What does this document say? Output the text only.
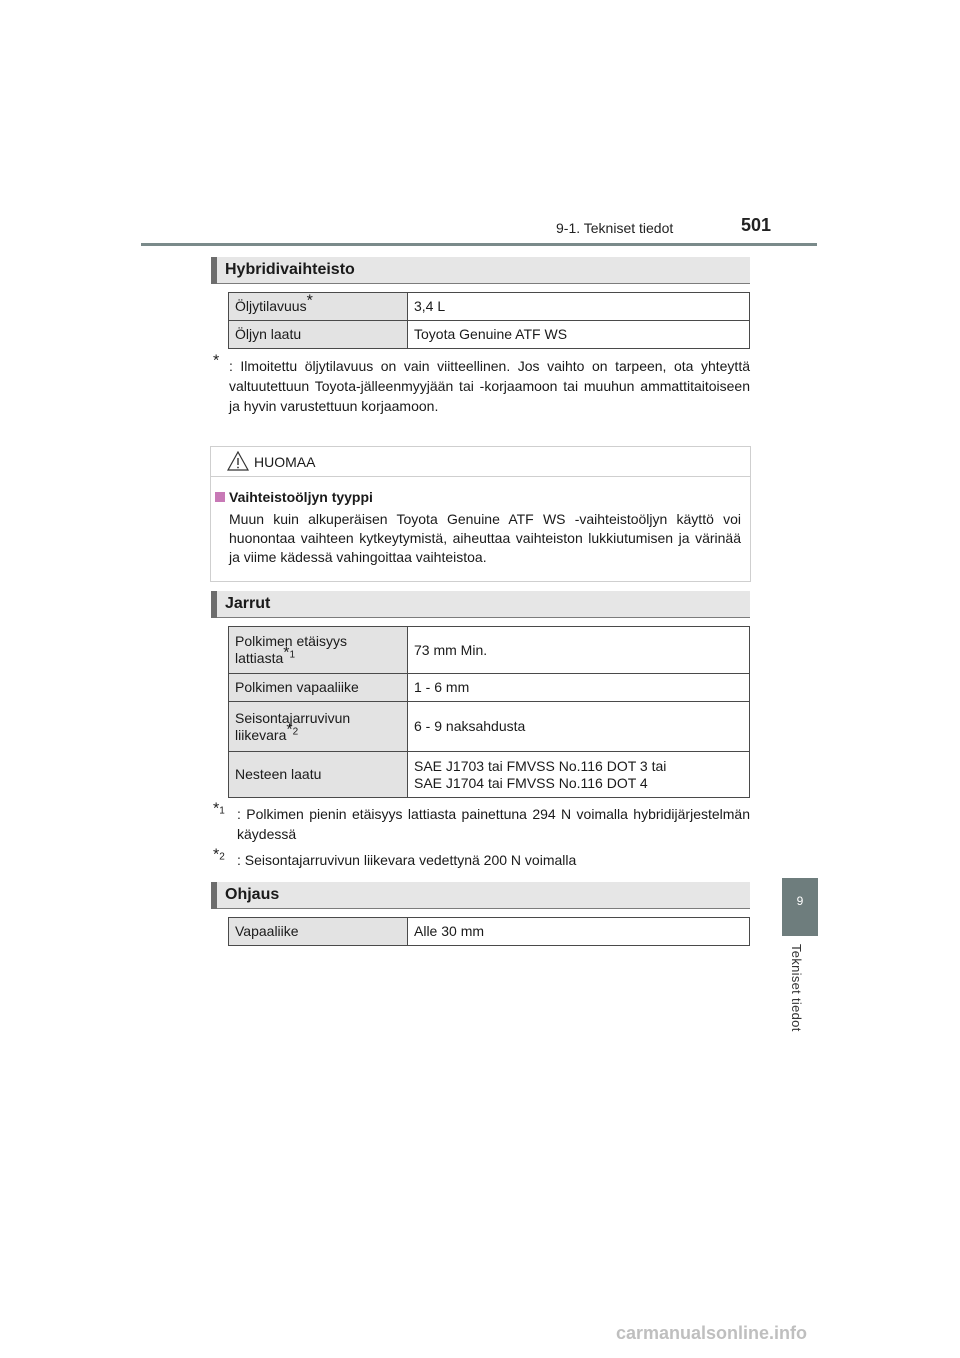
9-1. Tekniset tiedot	501
Hybridivaihteisto
Öljytilavuus*	3,4 L
Öljyn laatu	Toyota Genuine ATF WS
* : Ilmoitettu öljytilavuus on vain viitteellinen. Jos vaihto on tarpeen, ota yhteyttä valtuutettuun Toyota-jälleenmyyjään tai -korjaamoon tai muuhun ammattitaitoiseen ja hyvin varustettuun korjaamoon.
HUOMAA
Vaihteistoöljyn tyyppi
Muun kuin alkuperäisen Toyota Genuine ATF WS -vaihteistoöljyn käyttö voi huonontaa vaihteen kytkeytymistä, aiheuttaa vaihteiston lukkiutumisen ja värinää ja viime kädessä vahingoittaa vaihteistoa.
Jarrut
Polkimen etäisyys
lattiasta$^{*1}$	73 mm Min.
Polkimen vapaaliike	1 - 6 mm

Seisontajarruvivun
liikevara$^{*2}$	6 - 9 naksahdusta
Nesteen laatu	SAE J1703 tai FMVSS No.116 DOT 3 tai
SAE J1704 tai FMVSS No.116 DOT 4
$^{*1}$ : Polkimen pienin etäisyys lattiasta painettuna 294 N voimalla hybridijärjestelmän käydessä
$^{*2}$ : Seisontajarruvivun liikevara vedettynä 200 N voimalla
Ohjaus
Vapaaliike	Alle 30 mm
9
Tekniset tiedot
carmanualsonline.info
